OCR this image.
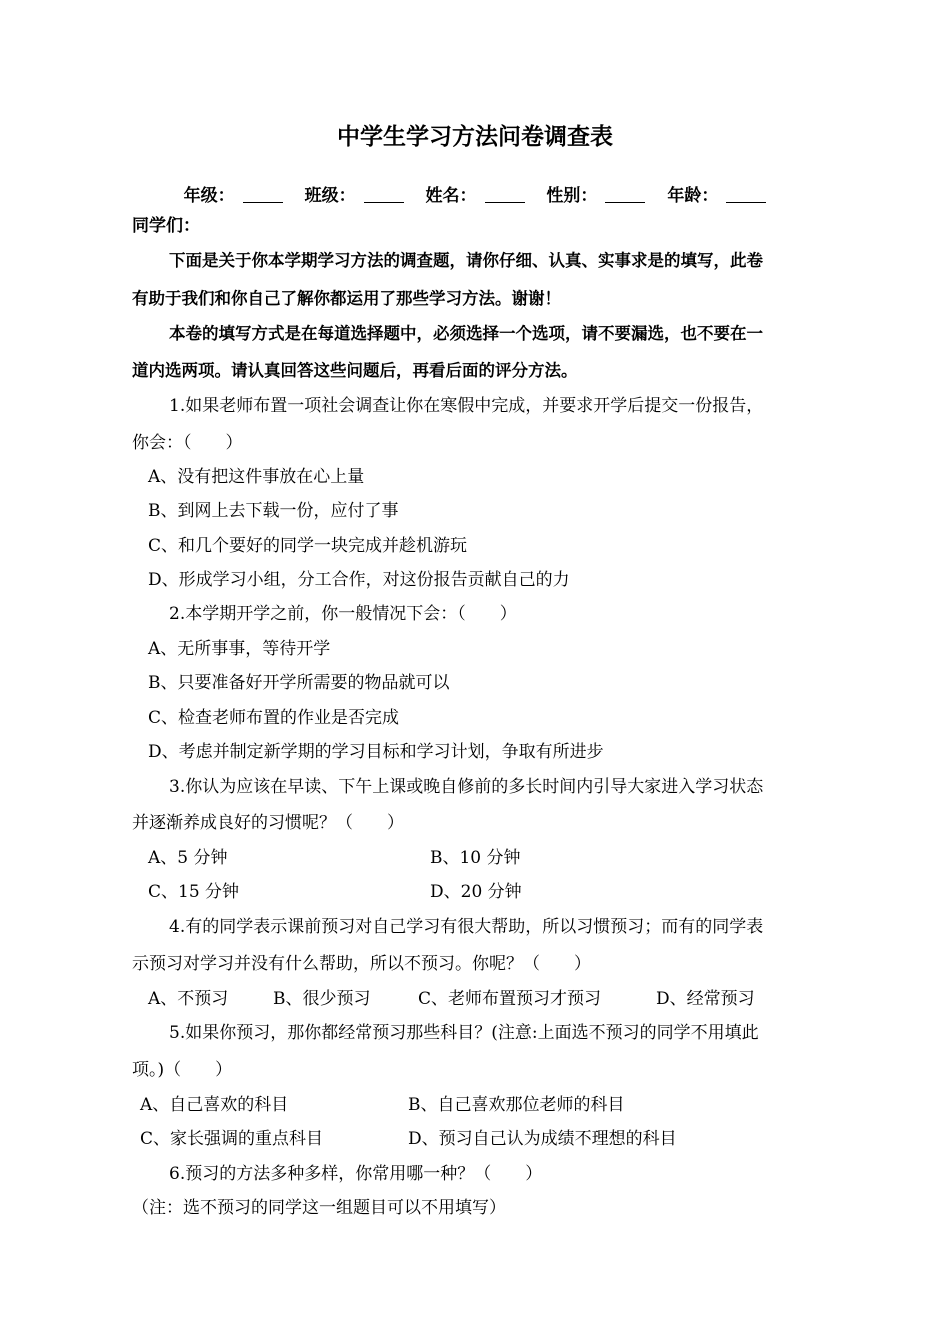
中学生学习方法问卷调查表
年级：	班级：	姓名：	性别：	年龄：
同学们：
下面是关于你本学期学习方法的调查题，请你仔细、认真、实事求是的填写，此卷
有助于我们和你自己了解你都运用了那些学习方法。谢谢！
本卷的填写方式是在每道选择题中，必须选择一个选项，请不要漏选，也不要在一
道内选两项。请认真回答这些问题后，再看后面的评分方法。
1.如果老师布置一项社会调查让你在寒假中完成，并要求开学后提交一份报告，
你会：（　　）
A、没有把这件事放在心上量
B、到网上去下载一份，应付了事
C、和几个要好的同学一块完成并趁机游玩
D、形成学习小组，分工合作，对这份报告贡献自己的力
2.本学期开学之前，你一般情况下会：（　　）
A、无所事事，等待开学
B、只要准备好开学所需要的物品就可以
C、检查老师布置的作业是否完成
D、考虑并制定新学期的学习目标和学习计划，争取有所进步
3.你认为应该在早读、下午上课或晚自修前的多长时间内引导大家进入学习状态
并逐渐养成良好的习惯呢？（　　）
A、5 分钟	B、10 分钟
C、15 分钟	D、20 分钟
4.有的同学表示课前预习对自己学习有很大帮助，所以习惯预习；而有的同学表
示预习对学习并没有什么帮助，所以不预习。你呢？（　　）
A、不预习	B、很少预习	C、老师布置预习才预习	D、经常预习
5.如果你预习，那你都经常预习那些科目？(注意:上面选不预习的同学不用填此
项。)（　　）
A、自己喜欢的科目	B、自己喜欢那位老师的科目
C、家长强调的重点科目	D、预习自己认为成绩不理想的科目
6.预习的方法多种多样，你常用哪一种？（　　）
（注：选不预习的同学这一组题目可以不用填写）
